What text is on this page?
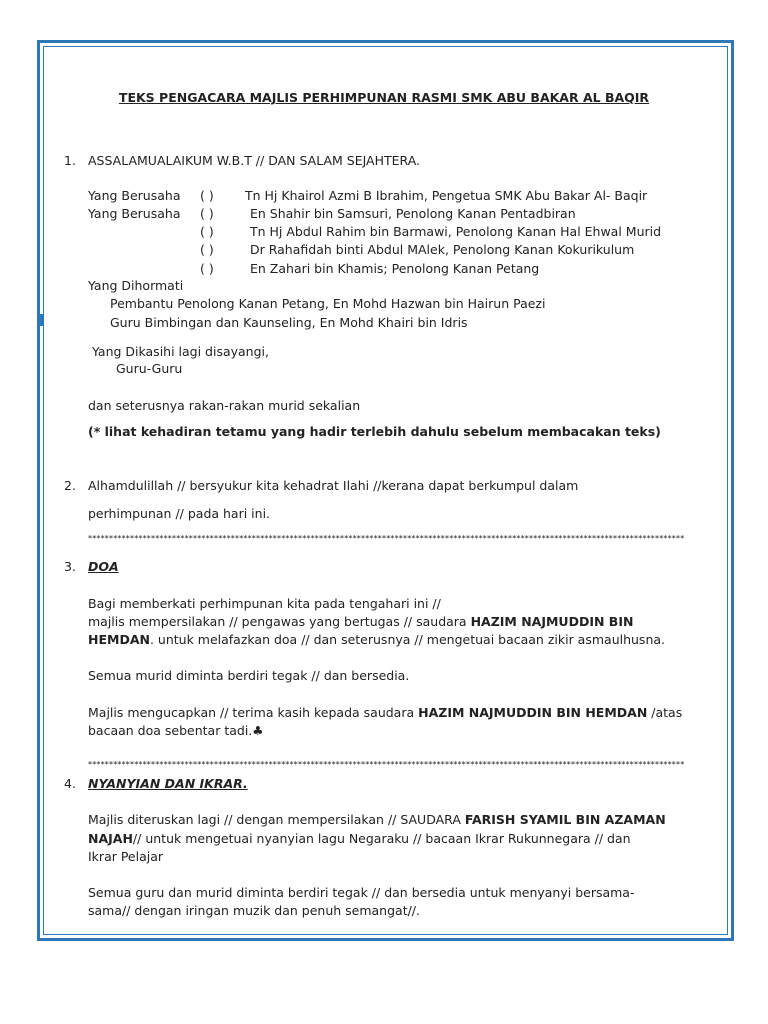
TEKS PENGACARA MAJLIS PERHIMPUNAN RASMI SMK ABU BAKAR AL BAQIR
1. ASSALAMUALAIKUM W.B.T // DAN SALAM SEJAHTERA.
Yang Berusaha ( )	Tn Hj Khairol Azmi B Ibrahim, Pengetua SMK Abu Bakar Al- Baqir
Yang Berusaha ( )	En Shahir bin Samsuri, Penolong Kanan Pentadbiran
( )	Tn Hj Abdul Rahim bin Barmawi, Penolong Kanan Hal Ehwal Murid
( )	Dr Rahafidah binti Abdul MAlek, Penolong Kanan Kokurikulum
( )	En Zahari bin Khamis; Penolong Kanan Petang
Yang Dihormati
Pembantu Penolong Kanan Petang, En Mohd Hazwan bin Hairun Paezi
Guru Bimbingan dan Kaunseling, En Mohd Khairi bin Idris
Yang Dikasihi lagi disayangi,
Guru-Guru
dan seterusnya rakan-rakan murid sekalian
(* lihat kehadiran tetamu yang hadir terlebih dahulu sebelum membacakan teks)
2. Alhamdulillah // bersyukur kita kehadrat Ilahi //kerana dapat berkumpul dalam
perhimpunan // pada hari ini.
**********************************************************************************************************************************************
3. DOA
Bagi memberkati perhimpunan kita pada tengahari ini //
majlis mempersilakan // pengawas yang bertugas // saudara HAZIM NAJMUDDIN BIN
HEMDAN. untuk melafazkan doa // dan seterusnya // mengetuai bacaan zikir asmaulhusna.
Semua murid diminta berdiri tegak // dan bersedia.
Majlis mengucapkan // terima kasih kepada saudara HAZIM NAJMUDDIN BIN HEMDAN /atas
bacaan doa sebentar tadi.♣
**********************************************************************************************************************************************
4. NYANYIAN DAN IKRAR.
Majlis diteruskan lagi // dengan mempersilakan // SAUDARA FARISH SYAMIL BIN AZAMAN
NAJAH// untuk mengetuai nyanyian lagu Negaraku // bacaan Ikrar Rukunnegara // dan
Ikrar Pelajar
Semua guru dan murid diminta berdiri tegak // dan bersedia untuk menyanyi bersama-
sama// dengan iringan muzik dan penuh semangat//.
